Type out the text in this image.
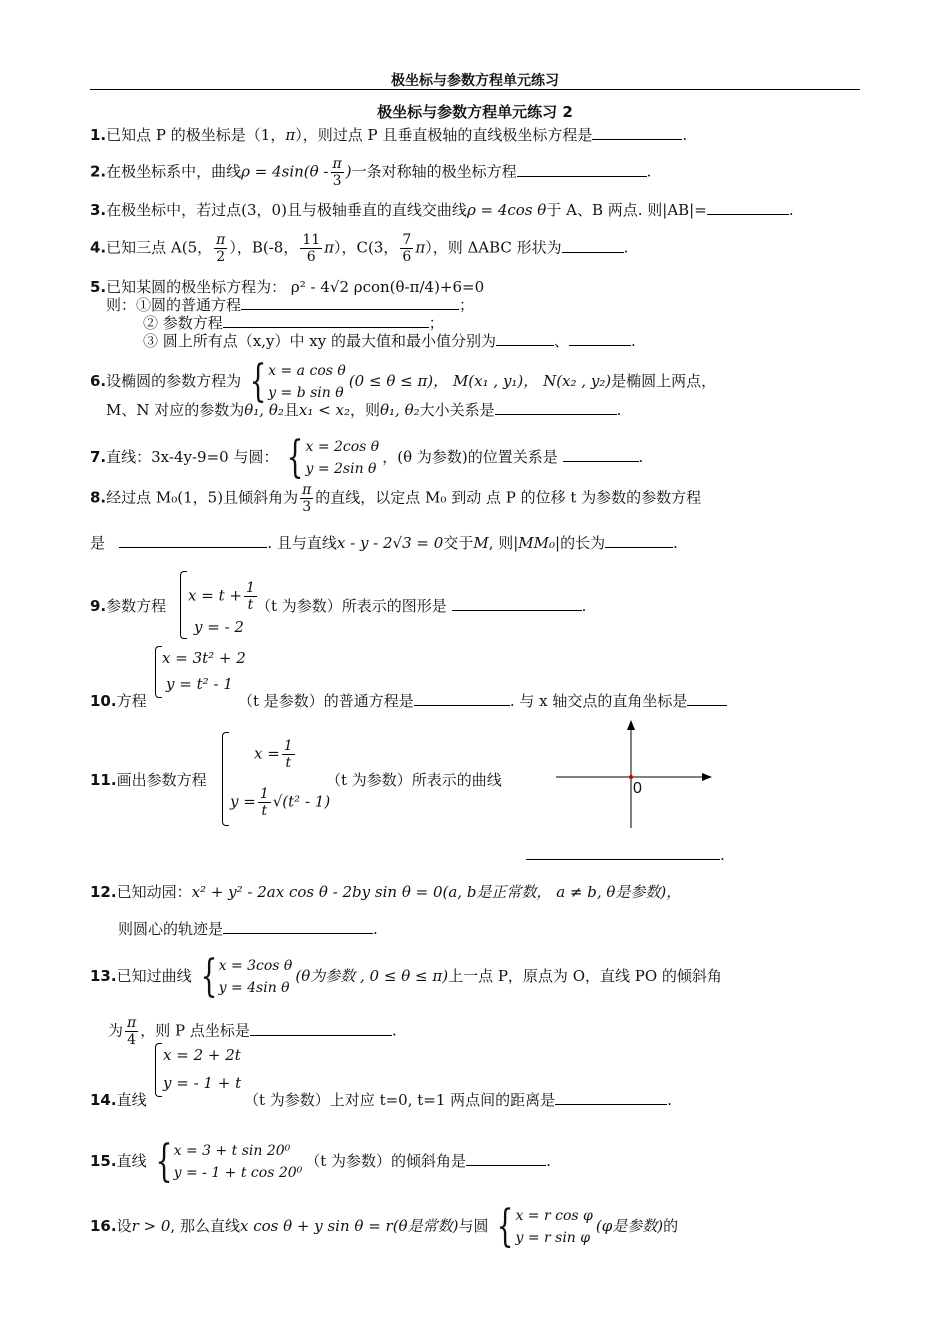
极坐标与参数方程单元练习
极坐标与参数方程单元练习 2
1.已知点 P 的极坐标是（1，π），则过点 P 且垂直极轴的直线极坐标方程是	.
2.在极坐标系中，曲线$\rho = 4\sin(\theta - \frac{\pi}{3}$ )一条对称轴的极坐标方程	.
3.在极坐标中，若过点(3，0)且与极轴垂直的直线交曲线ρ = 4cos θ于 A、B 两点. 则|AB|=	.
4.已知三点 A(5， $\frac{\pi}{2}$ ），B(-8， $\frac{11}{6} \pi$），C(3， $\frac{7}{6} \pi$），则 ΔABC 形状为	.
5.已知某圆的极坐标方程为： ρ² - 4√2 ρcon(θ-π/4)+6=0
则：①圆的普通方程	；
② 参数方程	；
③ 圆上所有点（x,y）中 xy 的最大值和最小值分别为	、	.
6.设椭圆的参数方程为 { x = a cos θ
y = b sin θ
(0 ≤ θ ≤ π)， M(x₁ , y₁)， N(x₂ , y₂)是椭圆上两点，
M、N 对应的参数为θ₁, θ₂且x₁ < x₂，则θ₁, θ₂大小关系是	.
7.直线：3x-4y-9=0 与圆： { x = 2cos θ
y = 2sin θ
，(θ 为参数)的位置关系是	.
8.经过点 M₀(1，5)且倾斜角为 $\frac{\pi}{3}$ 的直线，以定点 M₀ 到动 点 P 的位移 t 为参数的参数方程
是	. 且与直线x - y - 2√3 = 0交于M, 则|MM₀|的长为	.
9.参数方程
$x = t + \frac{1}{t}$
y = - 2
（t 为参数）所表示的图形是	.
x = 3t² + 2
y = t² - 1
10.方程	（t 是参数）的普通方程是	. 与 x 轴交点的直角坐标是
$x = \frac{1}{t}$
$y = \frac{1}{t} √(t^2 - 1)$
11.画出参数方程	（t 为参数）所表示的曲线	0
.
12.已知动园：x² + y² - 2ax cos θ - 2by sin θ = 0(a, b是正常数， a ≠ b, θ是参数)，
则圆心的轨迹是	.
13.已知过曲线 { x = 3cos θ
y = 4sin θ
(θ为参数 , 0 ≤ θ ≤ π)上一点 P，原点为 O，直线 PO 的倾斜角
为 $\frac{\pi}{4}$ ，则 P 点坐标是	.
x = 2 + 2t
y = - 1 + t
14.直线	（t 为参数）上对应 t=0, t=1 两点间的距离是	.
15.直线 { x = 3 + t sin 20⁰
y = - 1 + t cos 20⁰
（t 为参数）的倾斜角是	.
16.设r > 0, 那么直线x cos θ + y sin θ = r(θ是常数)与圆 { x = r cos φ
y = r sin φ
(φ是参数)的
